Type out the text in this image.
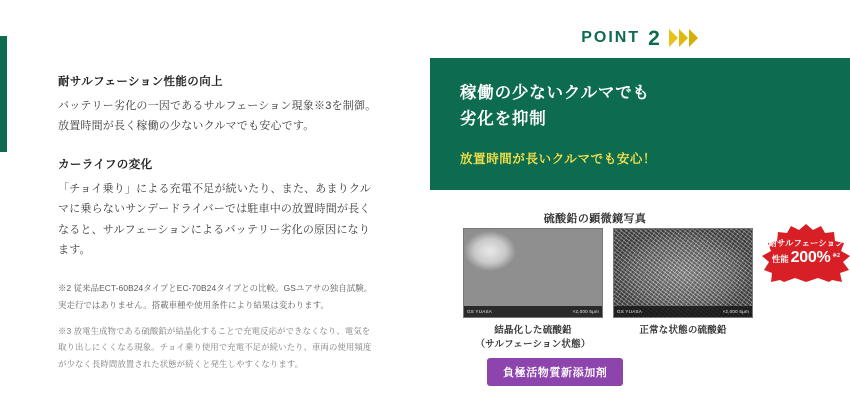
耐サルフェーション性能の向上

バッテリー劣化の一因であるサルフェーション現象※3を制御。放置時間が長く稼働の少ないクルマでも安心です。

カーライフの変化

「チョイ乗り」による充電不足が続いたり、また、あまりクルマに乗らないサンデードライバーでは駐車中の放置時間が長くなると、サルフェーションによるバッテリー劣化の原因になります。

※2 従来品ECT-60B24タイプとEC-70B24タイプとの比較。GSユアサの独自試験。実走行ではありません。搭載車種や使用条件により結果は変わります。

※3 放電生成物である硫酸鉛が結晶化することで充電反応ができなくなり、電気を取り出しにくくなる現象。チョイ乗り使用で充電不足が続いたり、車両の使用頻度が少なく長時間放置された状態が続くと発生しやすくなります。

POINT 2
稼働の少ないクルマでも
劣化を抑制
放置時間が長いクルマでも安心！
硫酸鉛の顕微鏡写真
GS YUASA	×2,000 5μm
結晶化した硫酸鉛
（サルフェーション状態）
GS YUASA	×2,000 5μm
正常な状態の硫酸鉛
耐サルフェーション
性能 200% ※2
負極活物質新添加剤
